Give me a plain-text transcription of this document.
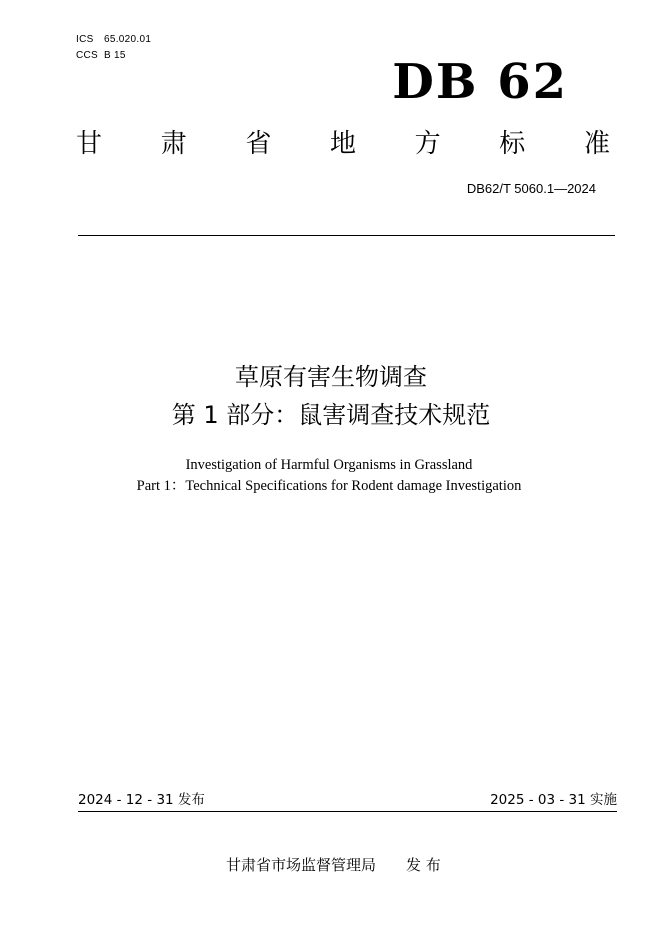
ICS 65.020.01
CCS B 15	DB 62
甘 肃 省 地 方 标 准
DB62/T 5060.1—2024
草原有害生物调查
第 1 部分：鼠害调查技术规范
Investigation of Harmful Organisms in Grassland
Part 1：Technical Specifications for Rodent damage Investigation
2024 - 12 - 31 发布	2025 - 03 - 31 实施
甘肃省市场监督管理局 发 布
